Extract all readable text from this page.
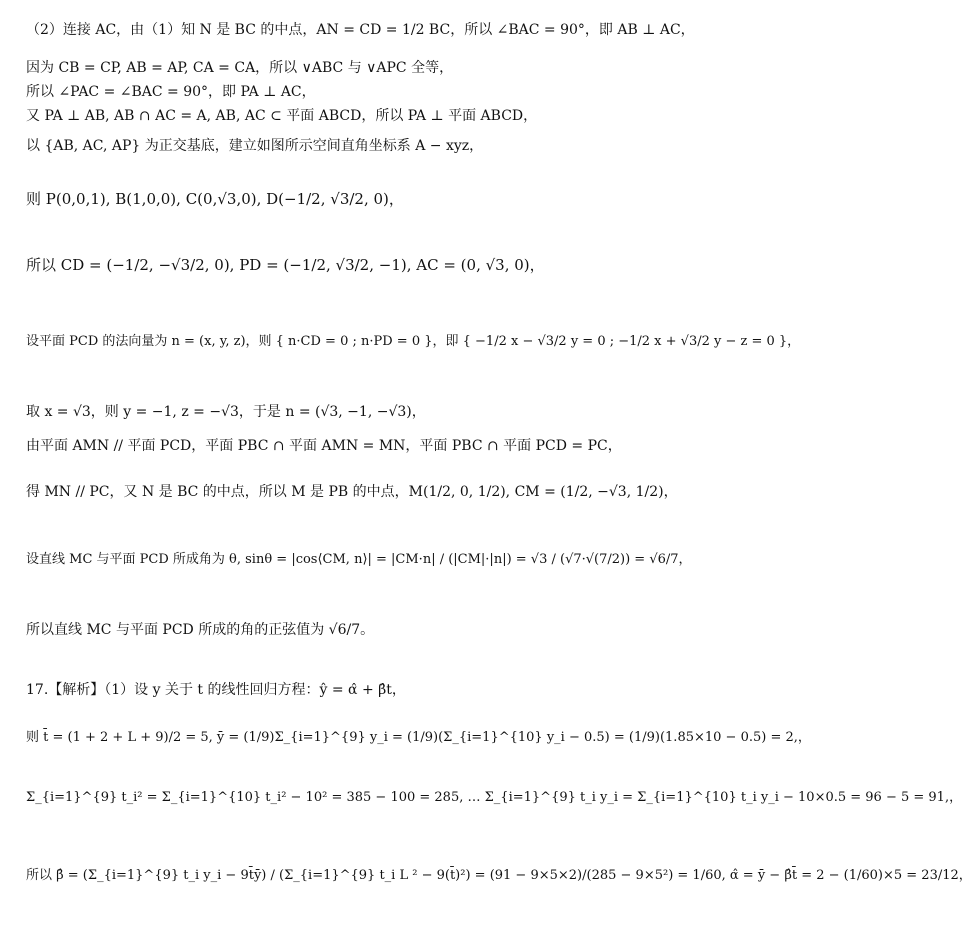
（2）连接 AC，由（1）知 N 是 BC 的中点，AN = CD = 1/2 BC，所以 ∠BAC = 90°，即 AB ⊥ AC，
因为 CB = CP, AB = AP, CA = CA，所以 ∨ABC 与 ∨APC 全等，
所以 ∠PAC = ∠BAC = 90°，即 PA ⊥ AC，
又 PA ⊥ AB, AB ∩ AC = A, AB, AC ⊂ 平面 ABCD，所以 PA ⊥ 平面 ABCD，
以 {AB, AC, AP} 为正交基底，建立如图所示空间直角坐标系 A − xyz，
则 P(0,0,1), B(1,0,0), C(0,√3,0), D(−1/2, √3/2, 0)，
所以 CD = (−1/2, −√3/2, 0), PD = (−1/2, √3/2, −1), AC = (0, √3, 0)，
设平面 PCD 的法向量为 n = (x, y, z)，则 { n·CD = 0 ; n·PD = 0 }，即 { −1/2 x − √3/2 y = 0 ; −1/2 x + √3/2 y − z = 0 }，
取 x = √3，则 y = −1, z = −√3，于是 n = (√3, −1, −√3)，
由平面 AMN // 平面 PCD，平面 PBC ∩ 平面 AMN = MN，平面 PBC ∩ 平面 PCD = PC，
得 MN // PC，又 N 是 BC 的中点，所以 M 是 PB 的中点，M(1/2, 0, 1/2), CM = (1/2, −√3, 1/2)，
设直线 MC 与平面 PCD 所成角为 θ, sinθ = |cos⟨CM, n⟩| = |CM·n| / (|CM|·|n|) = √3 / (√7·√(7/2)) = √6/7，
所以直线 MC 与平面 PCD 所成的角的正弦值为 √6/7。
17.【解析】（1）设 y 关于 t 的线性回归方程：ŷ = α̂ + β̂t，
则 t̄ = (1 + 2 + L + 9)/2 = 5, ȳ = (1/9)Σ_{i=1}^{9} y_i = (1/9)(Σ_{i=1}^{10} y_i − 0.5) = (1/9)(1.85×10 − 0.5) = 2,，
Σ_{i=1}^{9} t_i² = Σ_{i=1}^{10} t_i² − 10² = 385 − 100 = 285, … Σ_{i=1}^{9} t_i y_i = Σ_{i=1}^{10} t_i y_i − 10×0.5 = 96 − 5 = 91,，
所以 β̂ = (Σ_{i=1}^{9} t_i y_i − 9t̄ȳ) / (Σ_{i=1}^{9} t_i L ² − 9(t̄)²) = (91 − 9×5×2)/(285 − 9×5²) = 1/60, α̂ = ȳ − β̂t̄ = 2 − (1/60)×5 = 23/12，
